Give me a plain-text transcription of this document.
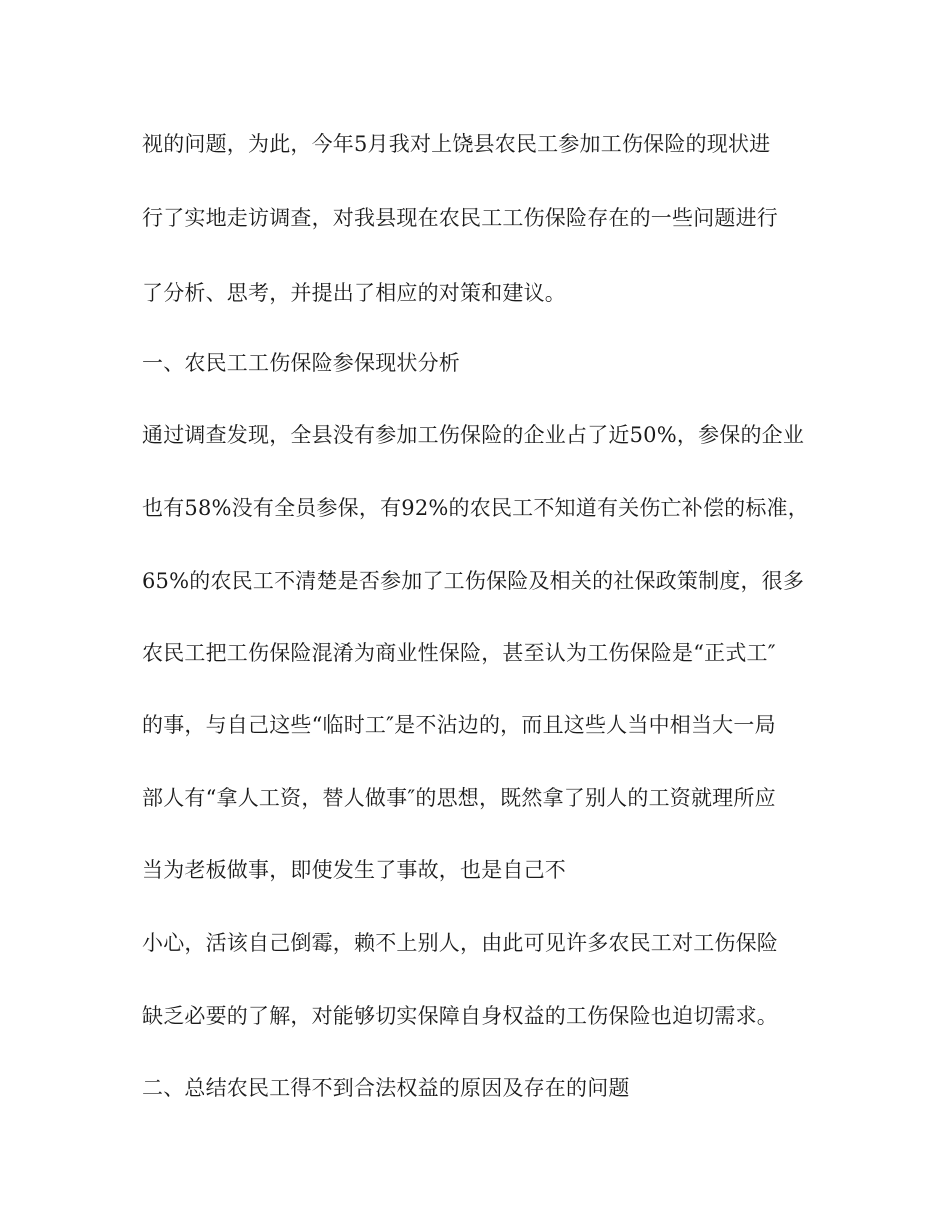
视的问题，为此，今年5月我对上饶县农民工参加工伤保险的现状进
行了实地走访调查，对我县现在农民工工伤保险存在的一些问题进行
了分析、思考，并提出了相应的对策和建议。
一、农民工工伤保险参保现状分析
通过调查发现，全县没有参加工伤保险的企业占了近50%，参保的企业
也有58%没有全员参保，有92%的农民工不知道有关伤亡补偿的标准，
65%的农民工不清楚是否参加了工伤保险及相关的社保政策制度，很多
农民工把工伤保险混淆为商业性保险，甚至认为工伤保险是“正式工″
的事，与自己这些“临时工″是不沾边的，而且这些人当中相当大一局
部人有“拿人工资，替人做事″的思想，既然拿了别人的工资就理所应
当为老板做事，即使发生了事故，也是自己不
小心，活该自己倒霉，赖不上别人，由此可见许多农民工对工伤保险
缺乏必要的了解，对能够切实保障自身权益的工伤保险也迫切需求。
二、总结农民工得不到合法权益的原因及存在的问题
